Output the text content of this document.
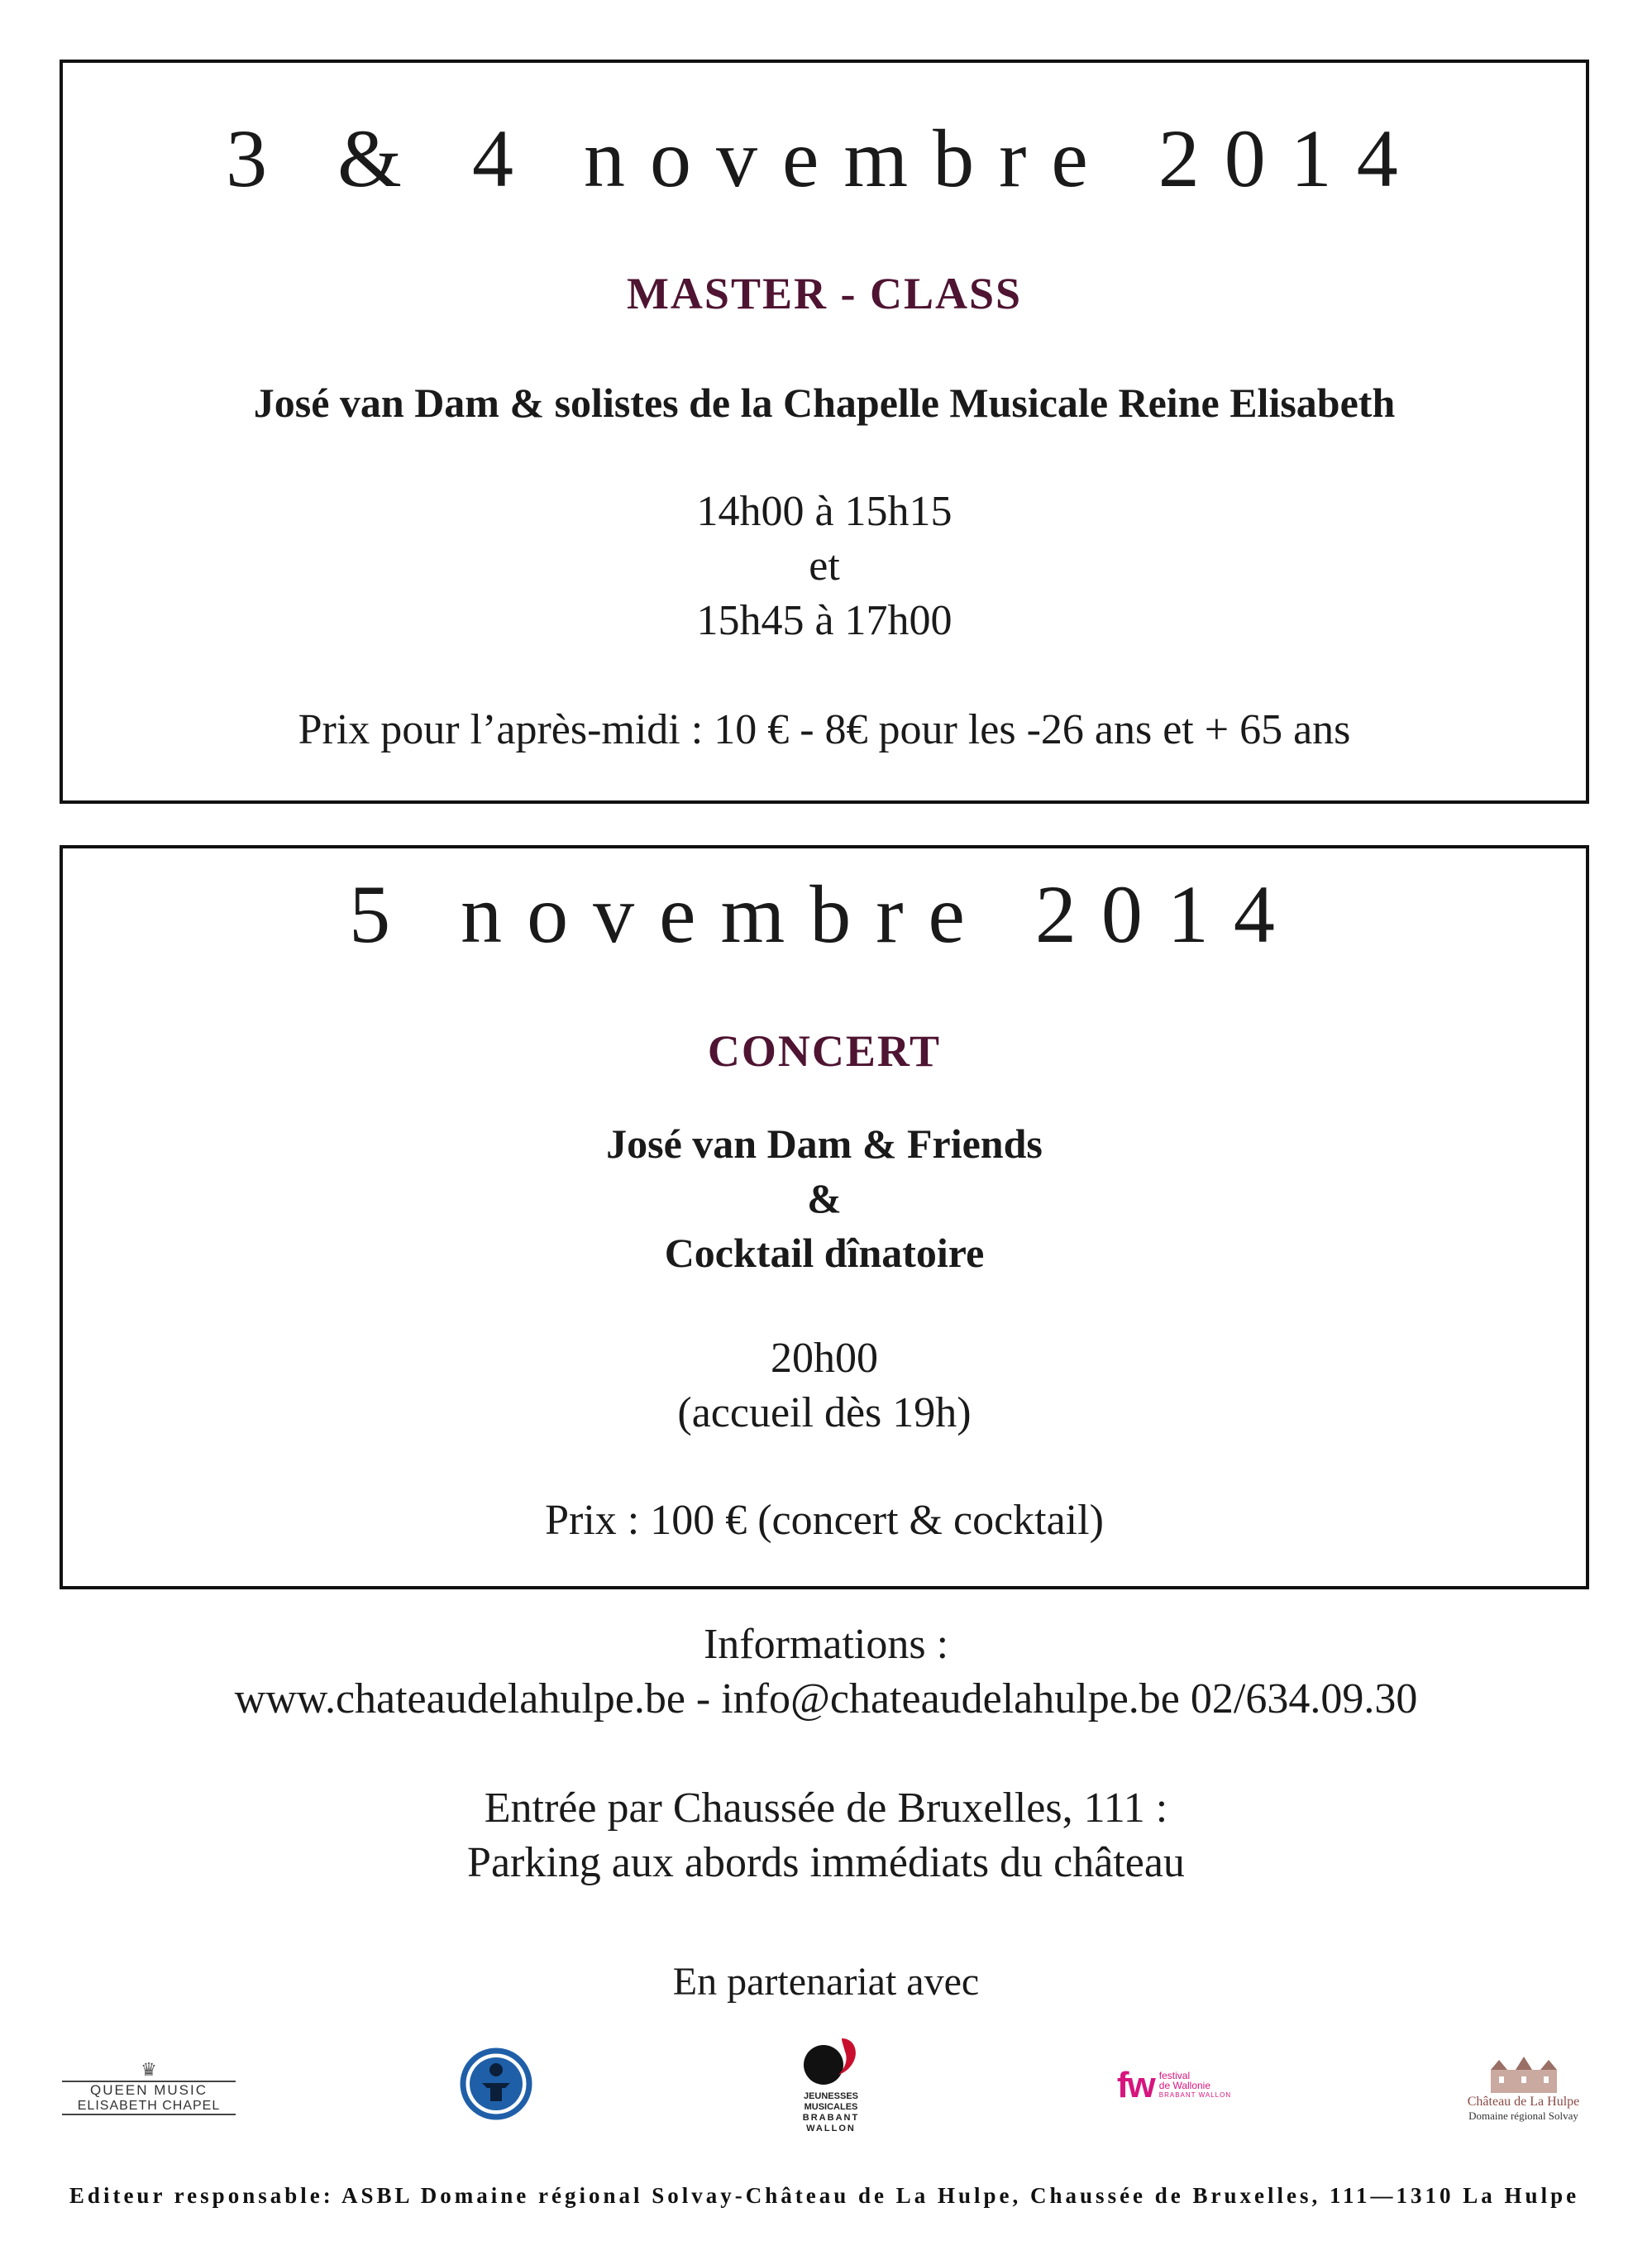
3 & 4 novembre 2014
MASTER - CLASS
José van Dam & solistes de la Chapelle Musicale Reine Elisabeth
14h00 à 15h15
et
15h45 à 17h00
Prix pour l’après-midi : 10 € - 8€ pour les -26 ans et + 65 ans
5 novembre 2014
CONCERT
José van Dam & Friends
&
Cocktail dînatoire
20h00
(accueil dès 19h)
Prix : 100 € (concert & cocktail)
Informations :
www.chateaudelahulpe.be - info@chateaudelahulpe.be 02/634.09.30
Entrée par Chaussée de Bruxelles, 111 :
Parking aux abords immédiats du château
En partenariat avec
♛
QUEEN MUSIC
ELISABETH CHAPEL
JEUNESSES
MUSICALES
BRABANT
WALLON
fw festival
de Wallonie
BRABANT WALLON	Château de La Hulpe
Domaine régional Solvay
Editeur responsable: ASBL Domaine régional Solvay-Château de La Hulpe, Chaussée de Bruxelles, 111—1310 La Hulpe
